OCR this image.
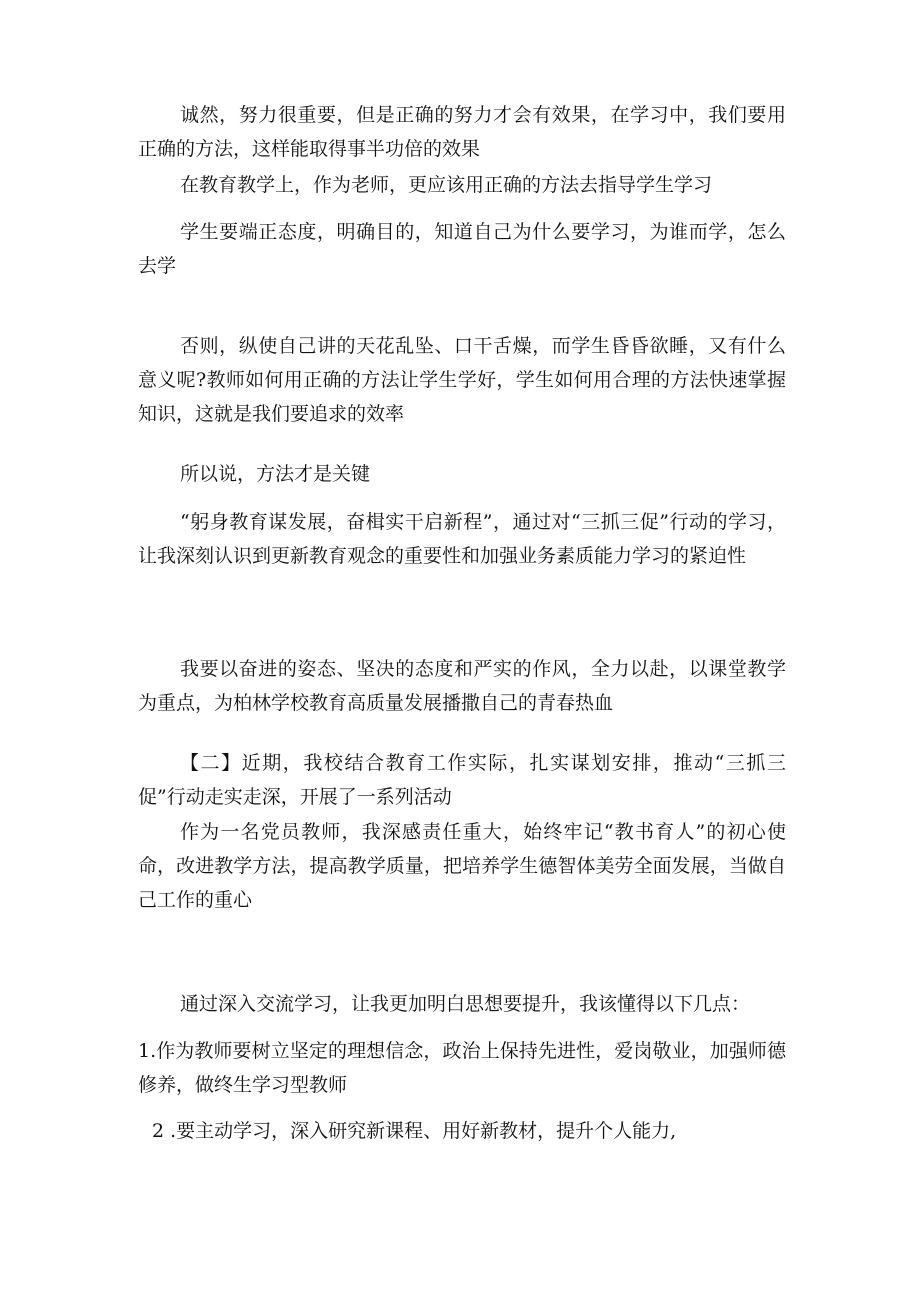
诚然，努力很重要，但是正确的努力才会有效果，在学习中，我们要用正确的方法，这样能取得事半功倍的效果

在教育教学上，作为老师，更应该用正确的方法去指导学生学习

学生要端正态度，明确目的，知道自己为什么要学习，为谁而学，怎么去学

否则，纵使自己讲的天花乱坠、口干舌燥，而学生昏昏欲睡，又有什么意义呢?教师如何用正确的方法让学生学好，学生如何用合理的方法快速掌握知识，这就是我们要追求的效率

所以说，方法才是关键

“躬身教育谋发展，奋楫实干启新程”，通过对“三抓三促”行动的学习，让我深刻认识到更新教育观念的重要性和加强业务素质能力学习的紧迫性

我要以奋进的姿态、坚决的态度和严实的作风，全力以赴，以课堂教学为重点，为柏林学校教育高质量发展播撒自己的青春热血

【二】近期，我校结合教育工作实际，扎实谋划安排，推动“三抓三促”行动走实走深，开展了一系列活动

作为一名党员教师，我深感责任重大，始终牢记“教书育人”的初心使命，改进教学方法，提高教学质量，把培养学生德智体美劳全面发展，当做自己工作的重心

通过深入交流学习，让我更加明白思想要提升，我该懂得以下几点：

1.作为教师要树立坚定的理想信念，政治上保持先进性，爱岗敬业，加强师德修养，做终生学习型教师

2 .要主动学习，深入研究新课程、用好新教材，提升个人能力,
